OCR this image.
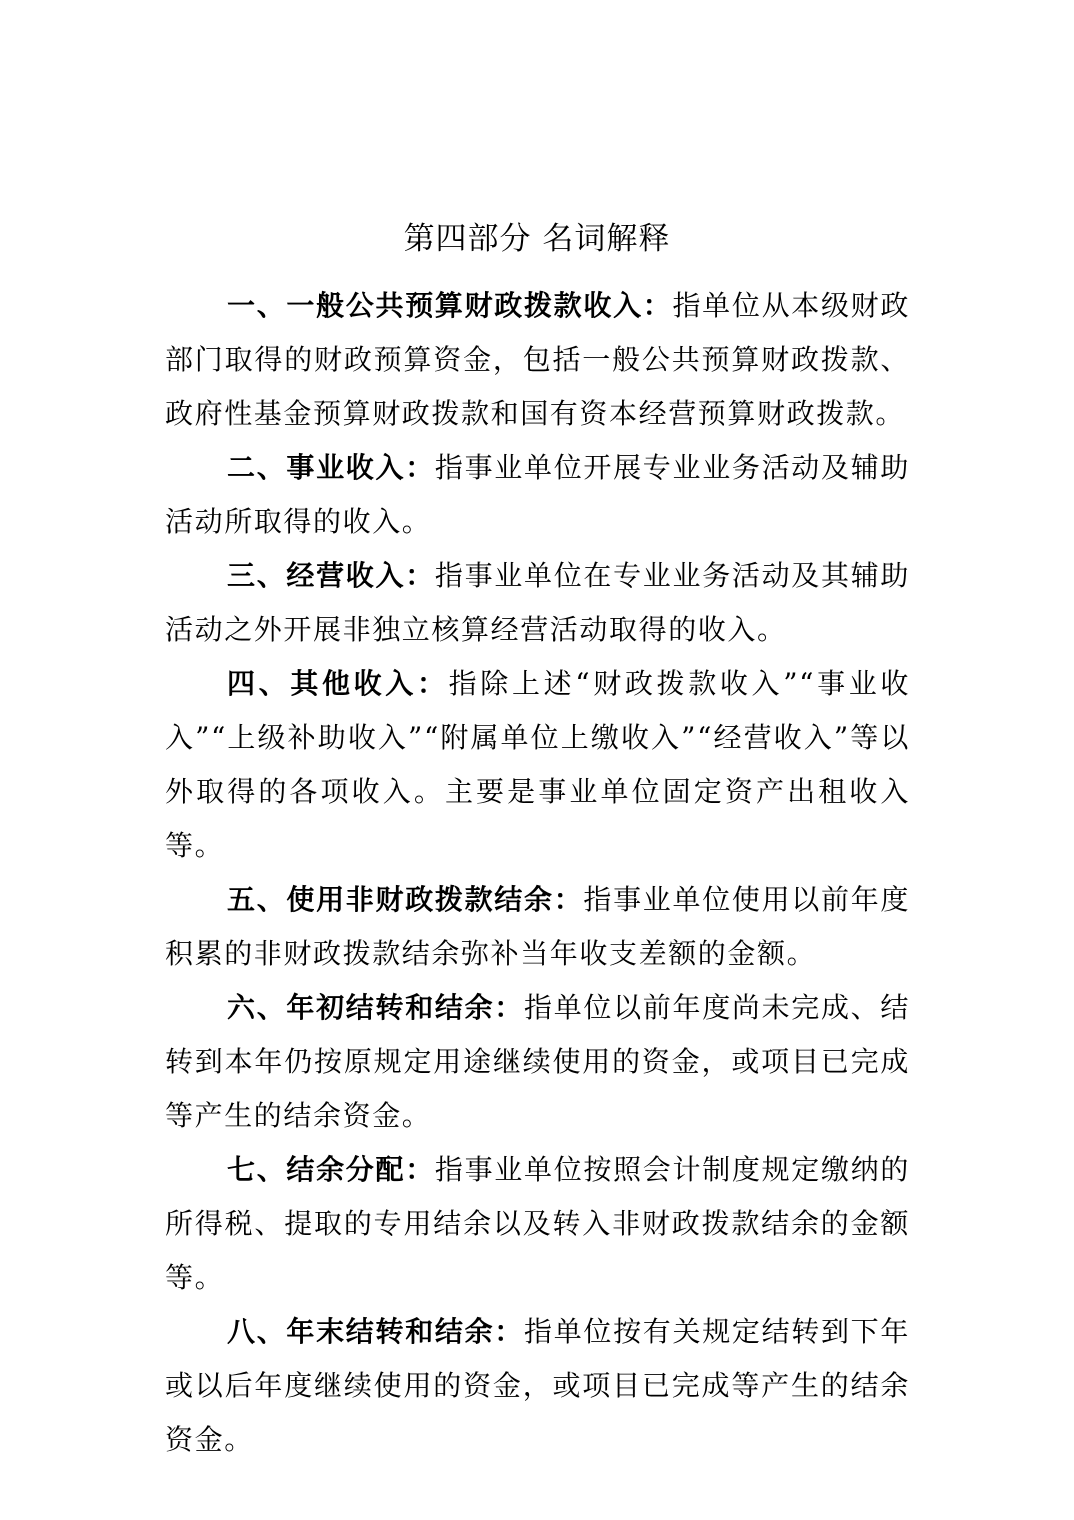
第四部分 名词解释

一、一般公共预算财政拨款收入：指单位从本级财政部门取得的财政预算资金，包括一般公共预算财政拨款、政府性基金预算财政拨款和国有资本经营预算财政拨款。

二、事业收入：指事业单位开展专业业务活动及辅助活动所取得的收入。

三、经营收入：指事业单位在专业业务活动及其辅助活动之外开展非独立核算经营活动取得的收入。

四、其他收入：指除上述“财政拨款收入”“事业收入”“上级补助收入”“附属单位上缴收入”“经营收入”等以外取得的各项收入。主要是事业单位固定资产出租收入等。

五、使用非财政拨款结余：指事业单位使用以前年度积累的非财政拨款结余弥补当年收支差额的金额。

六、年初结转和结余：指单位以前年度尚未完成、结转到本年仍按原规定用途继续使用的资金，或项目已完成等产生的结余资金。

七、结余分配：指事业单位按照会计制度规定缴纳的所得税、提取的专用结余以及转入非财政拨款结余的金额等。

八、年末结转和结余：指单位按有关规定结转到下年或以后年度继续使用的资金，或项目已完成等产生的结余资金。
